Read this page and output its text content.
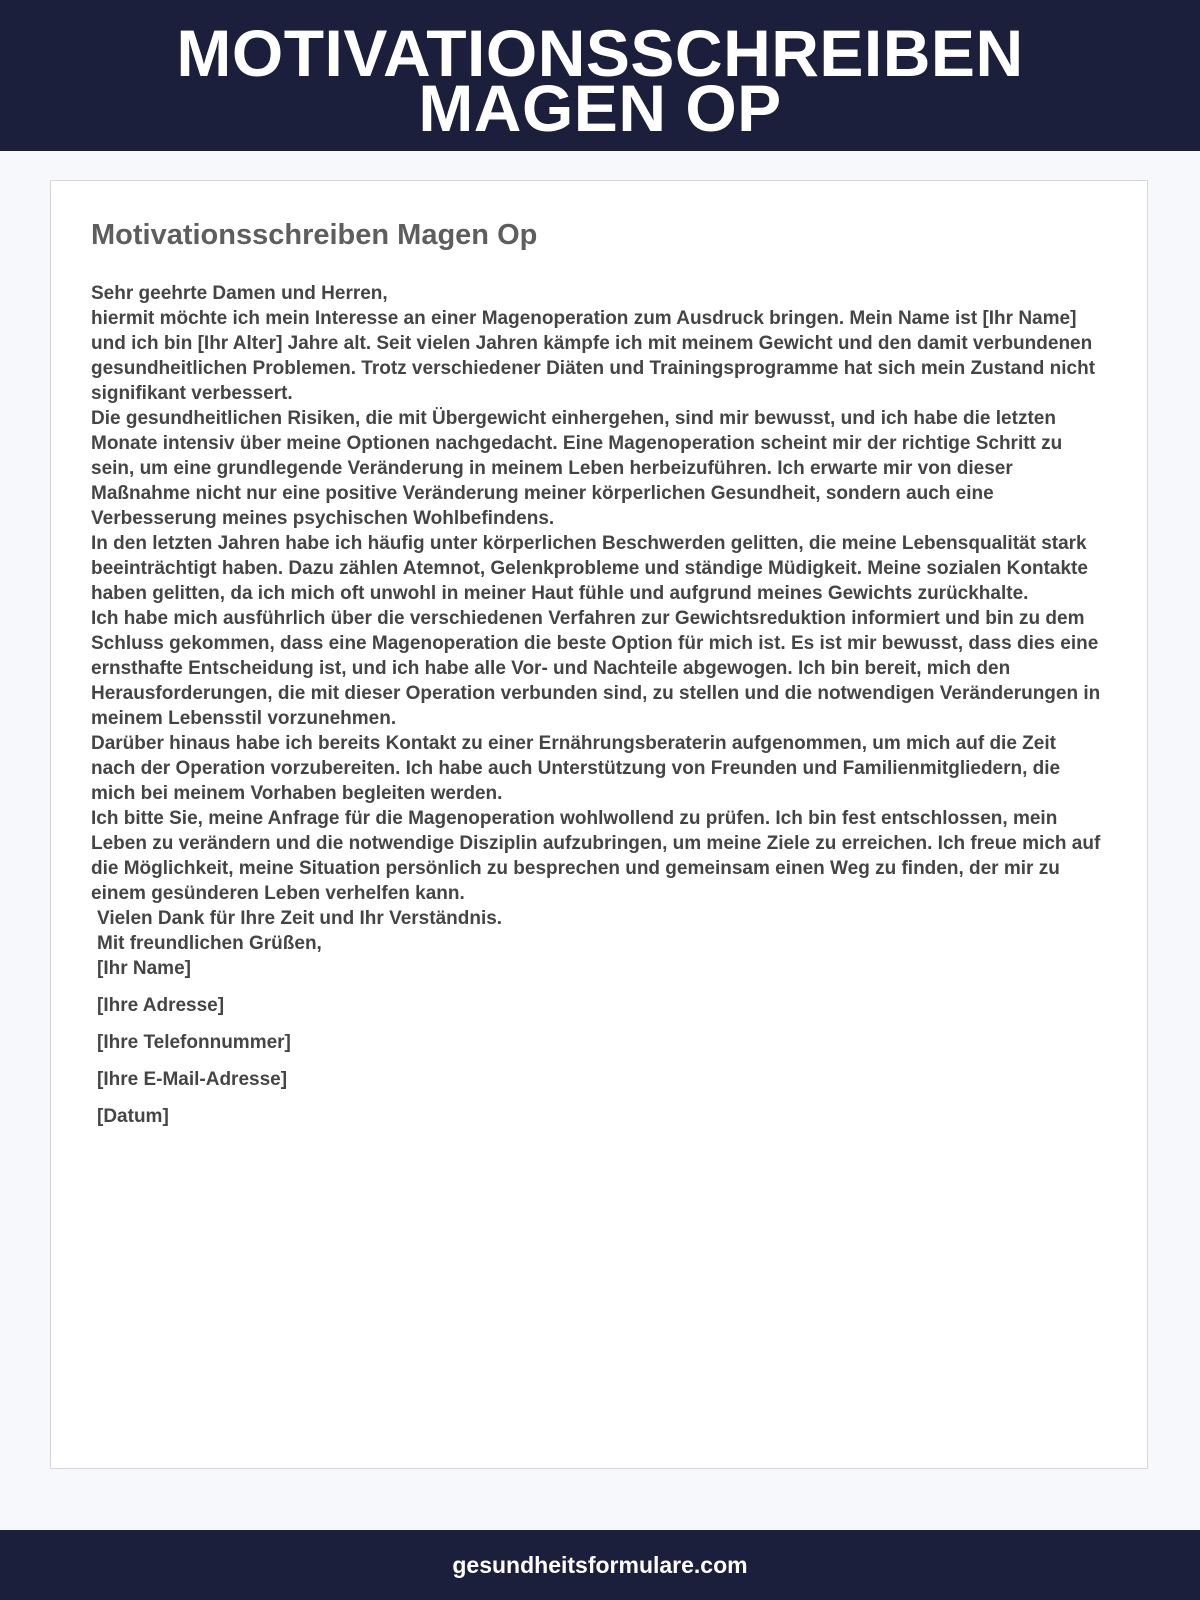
MOTIVATIONSSCHREIBEN
MAGEN OP
Motivationsschreiben Magen Op

Sehr geehrte Damen und Herren,

hiermit möchte ich mein Interesse an einer Magenoperation zum Ausdruck bringen. Mein Name ist [Ihr Name] und ich bin [Ihr Alter] Jahre alt. Seit vielen Jahren kämpfe ich mit meinem Gewicht und den damit verbundenen gesundheitlichen Problemen. Trotz verschiedener Diäten und Trainingsprogramme hat sich mein Zustand nicht signifikant verbessert.

Die gesundheitlichen Risiken, die mit Übergewicht einhergehen, sind mir bewusst, und ich habe die letzten Monate intensiv über meine Optionen nachgedacht. Eine Magenoperation scheint mir der richtige Schritt zu sein, um eine grundlegende Veränderung in meinem Leben herbeizuführen. Ich erwarte mir von dieser Maßnahme nicht nur eine positive Veränderung meiner körperlichen Gesundheit, sondern auch eine Verbesserung meines psychischen Wohlbefindens.

In den letzten Jahren habe ich häufig unter körperlichen Beschwerden gelitten, die meine Lebensqualität stark beeinträchtigt haben. Dazu zählen Atemnot, Gelenkprobleme und ständige Müdigkeit. Meine sozialen Kontakte haben gelitten, da ich mich oft unwohl in meiner Haut fühle und aufgrund meines Gewichts zurückhalte.

Ich habe mich ausführlich über die verschiedenen Verfahren zur Gewichtsreduktion informiert und bin zu dem Schluss gekommen, dass eine Magenoperation die beste Option für mich ist. Es ist mir bewusst, dass dies eine ernsthafte Entscheidung ist, und ich habe alle Vor- und Nachteile abgewogen. Ich bin bereit, mich den Herausforderungen, die mit dieser Operation verbunden sind, zu stellen und die notwendigen Veränderungen in meinem Lebensstil vorzunehmen.

Darüber hinaus habe ich bereits Kontakt zu einer Ernährungsberaterin aufgenommen, um mich auf die Zeit nach der Operation vorzubereiten. Ich habe auch Unterstützung von Freunden und Familienmitgliedern, die mich bei meinem Vorhaben begleiten werden.

Ich bitte Sie, meine Anfrage für die Magenoperation wohlwollend zu prüfen. Ich bin fest entschlossen, mein Leben zu verändern und die notwendige Disziplin aufzubringen, um meine Ziele zu erreichen. Ich freue mich auf die Möglichkeit, meine Situation persönlich zu besprechen und gemeinsam einen Weg zu finden, der mir zu einem gesünderen Leben verhelfen kann.

Vielen Dank für Ihre Zeit und Ihr Verständnis.

Mit freundlichen Grüßen,

[Ihr Name]

[Ihre Adresse]

[Ihre Telefonnummer]

[Ihre E-Mail-Adresse]

[Datum]

gesundheitsformulare.com
